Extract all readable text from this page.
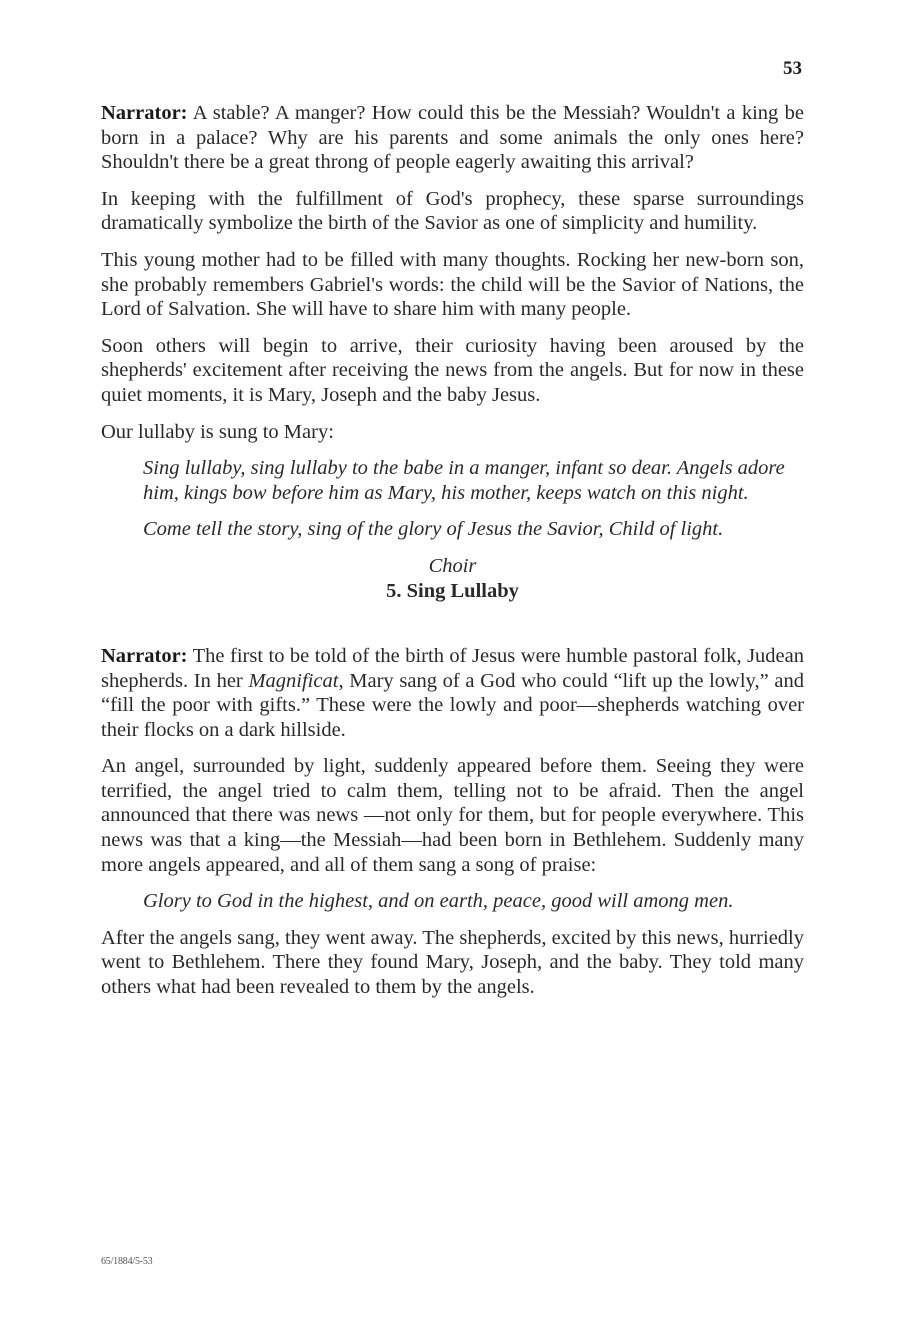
53

Narrator: A stable? A manger? How could this be the Messiah? Wouldn't a king be born in a palace? Why are his parents and some animals the only ones here? Shouldn't there be a great throng of people eagerly awaiting this arrival?

In keeping with the fulfillment of God's prophecy, these sparse surroundings dramatically symbolize the birth of the Savior as one of simplicity and humility.

This young mother had to be filled with many thoughts. Rocking her new-born son, she probably remembers Gabriel's words: the child will be the Savior of Nations, the Lord of Salvation. She will have to share him with many people.

Soon others will begin to arrive, their curiosity having been aroused by the shepherds' excitement after receiving the news from the angels. But for now in these quiet moments, it is Mary, Joseph and the baby Jesus.

Our lullaby is sung to Mary:

Sing lullaby, sing lullaby to the babe in a manger, infant so dear. Angels adore him, kings bow before him as Mary, his mother, keeps watch on this night.

Come tell the story, sing of the glory of Jesus the Savior, Child of light.

Choir
5. Sing Lullaby

Narrator: The first to be told of the birth of Jesus were humble pastoral folk, Judean shepherds. In her Magnificat, Mary sang of a God who could “lift up the lowly,” and “fill the poor with gifts.” These were the lowly and poor—shepherds watching over their flocks on a dark hillside.

An angel, surrounded by light, suddenly appeared before them. Seeing they were terrified, the angel tried to calm them, telling not to be afraid. Then the angel announced that there was news —not only for them, but for people everywhere. This news was that a king—the Messiah—had been born in Bethlehem. Suddenly many more angels appeared, and all of them sang a song of praise:

Glory to God in the highest, and on earth, peace, good will among men.

After the angels sang, they went away. The shepherds, excited by this news, hurriedly went to Bethlehem. There they found Mary, Joseph, and the baby. They told many others what had been revealed to them by the angels.

65/1884/5-53
